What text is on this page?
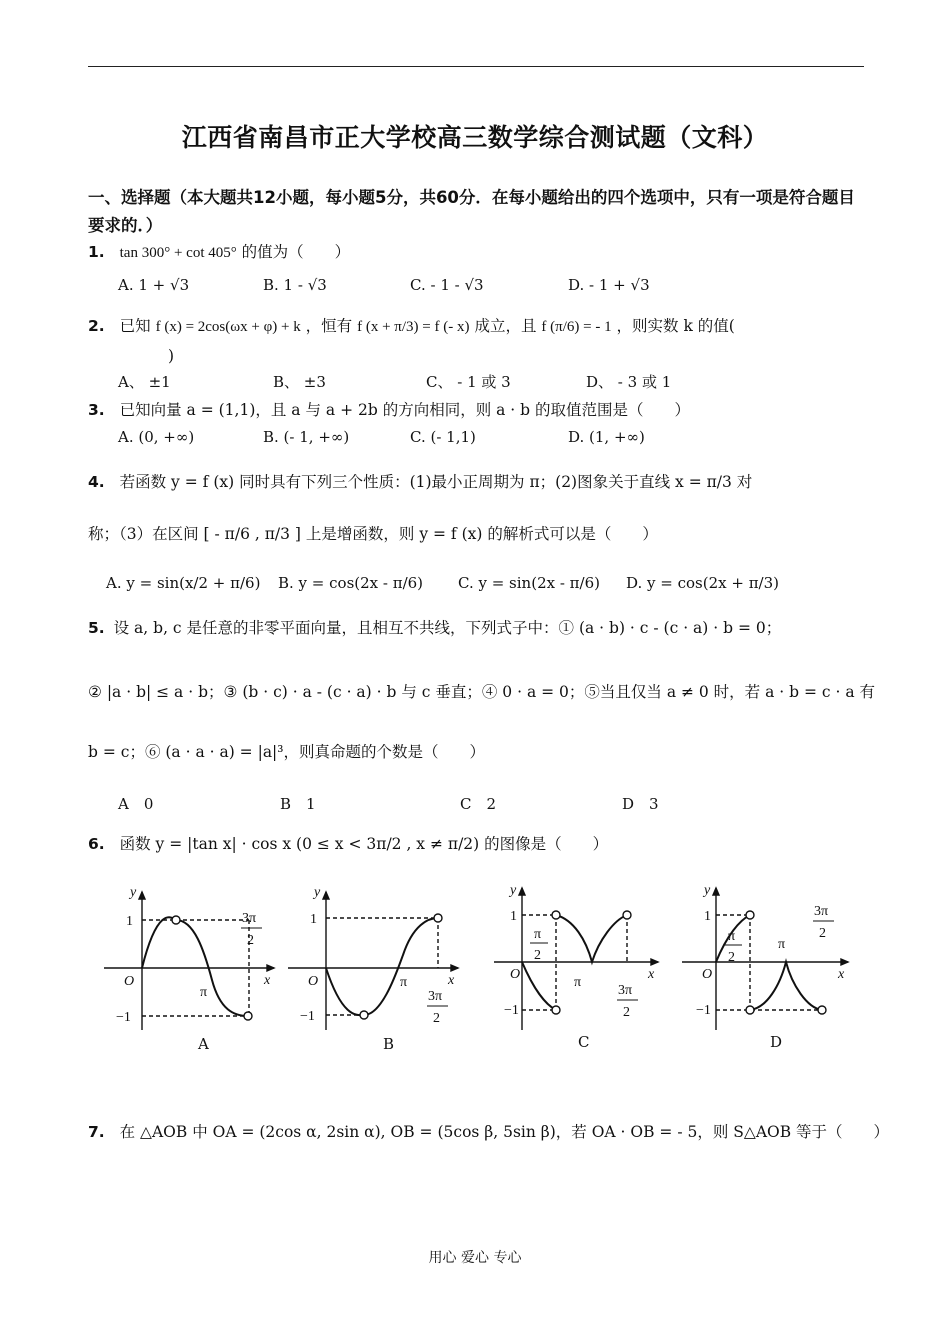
江西省南昌市正大学校高三数学综合测试题（文科）
一、选择题（本大题共12小题，每小题5分，共60分．在每小题给出的四个选项中，只有一项是符合题目要求的．）
1. tan 300° + cot 405° 的值为（　　）
A. 1 + √3	B. 1 - √3	C. - 1 - √3	D. - 1 + √3
2. 已知 f (x) = 2cos(ωx + φ) + k ，恒有 f (x + π/3) = f (- x) 成立，且 f (π/6) = - 1 ，则实数 k 的值(
)
A、 ±1	B、 ±3	C、 - 1 或 3	D、 - 3 或 1
3. 已知向量 a = (1,1)，且 a 与 a + 2b 的方向相同，则 a · b 的取值范围是（　　）
A. (0, +∞)	B. (- 1, +∞)	C. (- 1,1)	D. (1, +∞)
4. 若函数 y = f (x) 同时具有下列三个性质：(1)最小正周期为 π；(2)图象关于直线 x = π/3 对
称；（3）在区间 [ - π/6 , π/3 ] 上是增函数，则 y = f (x) 的解析式可以是（　　）
A. y = sin(x/2 + π/6) B. y = cos(2x - π/6) C. y = sin(2x - π/6) D. y = cos(2x + π/3)
5. 设 a, b, c 是任意的非零平面向量，且相互不共线，下列式子中：① (a · b) · c - (c · a) · b = 0；
② |a · b| ≤ a · b；③ (b · c) · a - (c · a) · b 与 c 垂直；④ 0 · a = 0；⑤当且仅当 a ≠ 0 时，若 a · b = c · a 有
b = c；⑥ (a · a · a) = |a|³，则真命题的个数是（　　）
A　0	B　1	C　2	D　3
6. 函数 y = |tan x| · cos x (0 ≤ x < 3π/2 , x ≠ π/2) 的图像是（　　）
y
1
O
−1
x
π
3π
2
A
y
1
O
−1
x
π
3π
2
B
y
1
O
−1
x
π
π
2
3π
2
C
y
1
O
−1
x
π
π
2
3π
2
D
7. 在 △AOB 中 OA = (2cos α, 2sin α), OB = (5cos β, 5sin β)，若 OA · OB = - 5，则 S△AOB 等于（　　）
用心 爱心 专心
